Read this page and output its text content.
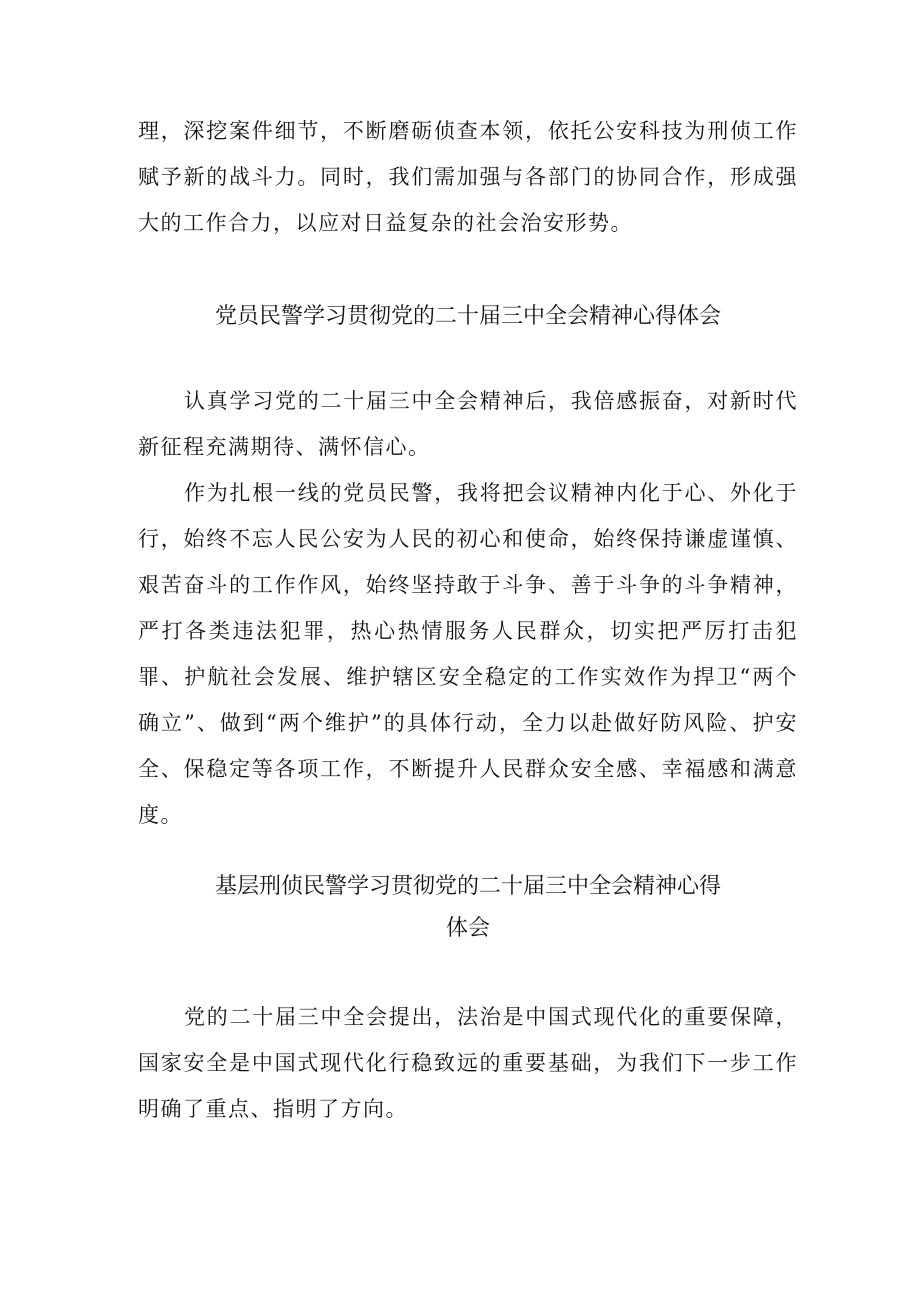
理，深挖案件细节，不断磨砺侦查本领，依托公安科技为刑侦工作赋予新的战斗力。同时，我们需加强与各部门的协同合作，形成强大的工作合力，以应对日益复杂的社会治安形势。

党员民警学习贯彻党的二十届三中全会精神心得体会

认真学习党的二十届三中全会精神后，我倍感振奋，对新时代新征程充满期待、满怀信心。

作为扎根一线的党员民警，我将把会议精神内化于心、外化于行，始终不忘人民公安为人民的初心和使命，始终保持谦虚谨慎、艰苦奋斗的工作作风，始终坚持敢于斗争、善于斗争的斗争精神，严打各类违法犯罪，热心热情服务人民群众，切实把严厉打击犯罪、护航社会发展、维护辖区安全稳定的工作实效作为捍卫“两个确立”、做到“两个维护”的具体行动，全力以赴做好防风险、护安全、保稳定等各项工作，不断提升人民群众安全感、幸福感和满意度。

基层刑侦民警学习贯彻党的二十届三中全会精神心得
体会

党的二十届三中全会提出，法治是中国式现代化的重要保障，国家安全是中国式现代化行稳致远的重要基础，为我们下一步工作明确了重点、指明了方向。
